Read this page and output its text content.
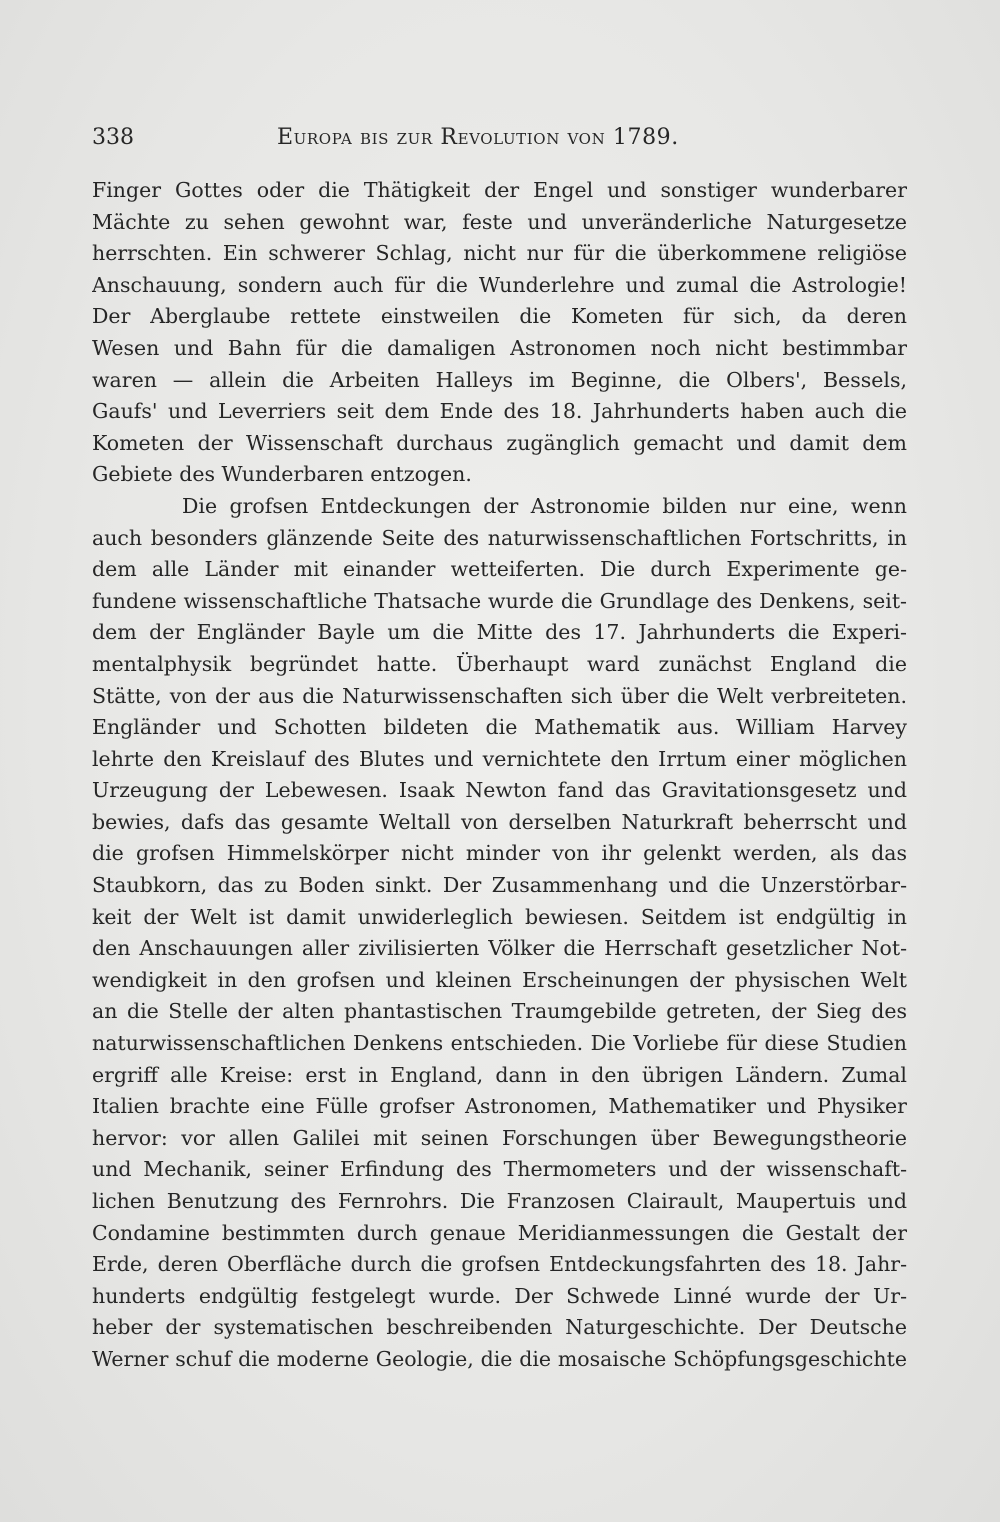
338	Europa bis zur Revolution von 1789.
Finger Gottes oder die Thätigkeit der Engel und sonstiger wunderbarer
Mächte zu sehen gewohnt war, feste und unveränderliche Naturgesetze
herrschten. Ein schwerer Schlag, nicht nur für die überkommene religiöse
Anschauung, sondern auch für die Wunderlehre und zumal die Astrologie!
Der Aberglaube rettete einstweilen die Kometen für sich, da deren
Wesen und Bahn für die damaligen Astronomen noch nicht bestimmbar
waren — allein die Arbeiten Halleys im Beginne, die Olbers', Bessels,
Gaufs' und Leverriers seit dem Ende des 18. Jahrhunderts haben auch die
Kometen der Wissenschaft durchaus zugänglich gemacht und damit dem
Gebiete des Wunderbaren entzogen.
Die grofsen Entdeckungen der Astronomie bilden nur eine, wenn
auch besonders glänzende Seite des naturwissenschaftlichen Fortschritts, in
dem alle Länder mit einander wetteiferten. Die durch Experimente ge-
fundene wissenschaftliche Thatsache wurde die Grundlage des Denkens, seit-
dem der Engländer Bayle um die Mitte des 17. Jahrhunderts die Experi-
mentalphysik begründet hatte. Überhaupt ward zunächst England die
Stätte, von der aus die Naturwissenschaften sich über die Welt verbreiteten.
Engländer und Schotten bildeten die Mathematik aus. William Harvey
lehrte den Kreislauf des Blutes und vernichtete den Irrtum einer möglichen
Urzeugung der Lebewesen. Isaak Newton fand das Gravitationsgesetz und
bewies, dafs das gesamte Weltall von derselben Naturkraft beherrscht und
die grofsen Himmelskörper nicht minder von ihr gelenkt werden, als das
Staubkorn, das zu Boden sinkt. Der Zusammenhang und die Unzerstörbar-
keit der Welt ist damit unwiderleglich bewiesen. Seitdem ist endgültig in
den Anschauungen aller zivilisierten Völker die Herrschaft gesetzlicher Not-
wendigkeit in den grofsen und kleinen Erscheinungen der physischen Welt
an die Stelle der alten phantastischen Traumgebilde getreten, der Sieg des
naturwissenschaftlichen Denkens entschieden. Die Vorliebe für diese Studien
ergriff alle Kreise: erst in England, dann in den übrigen Ländern. Zumal
Italien brachte eine Fülle grofser Astronomen, Mathematiker und Physiker
hervor: vor allen Galilei mit seinen Forschungen über Bewegungstheorie
und Mechanik, seiner Erfindung des Thermometers und der wissenschaft-
lichen Benutzung des Fernrohrs. Die Franzosen Clairault, Maupertuis und
Condamine bestimmten durch genaue Meridianmessungen die Gestalt der
Erde, deren Oberfläche durch die grofsen Entdeckungsfahrten des 18. Jahr-
hunderts endgültig festgelegt wurde. Der Schwede Linné wurde der Ur-
heber der systematischen beschreibenden Naturgeschichte. Der Deutsche
Werner schuf die moderne Geologie, die die mosaische Schöpfungsgeschichte
